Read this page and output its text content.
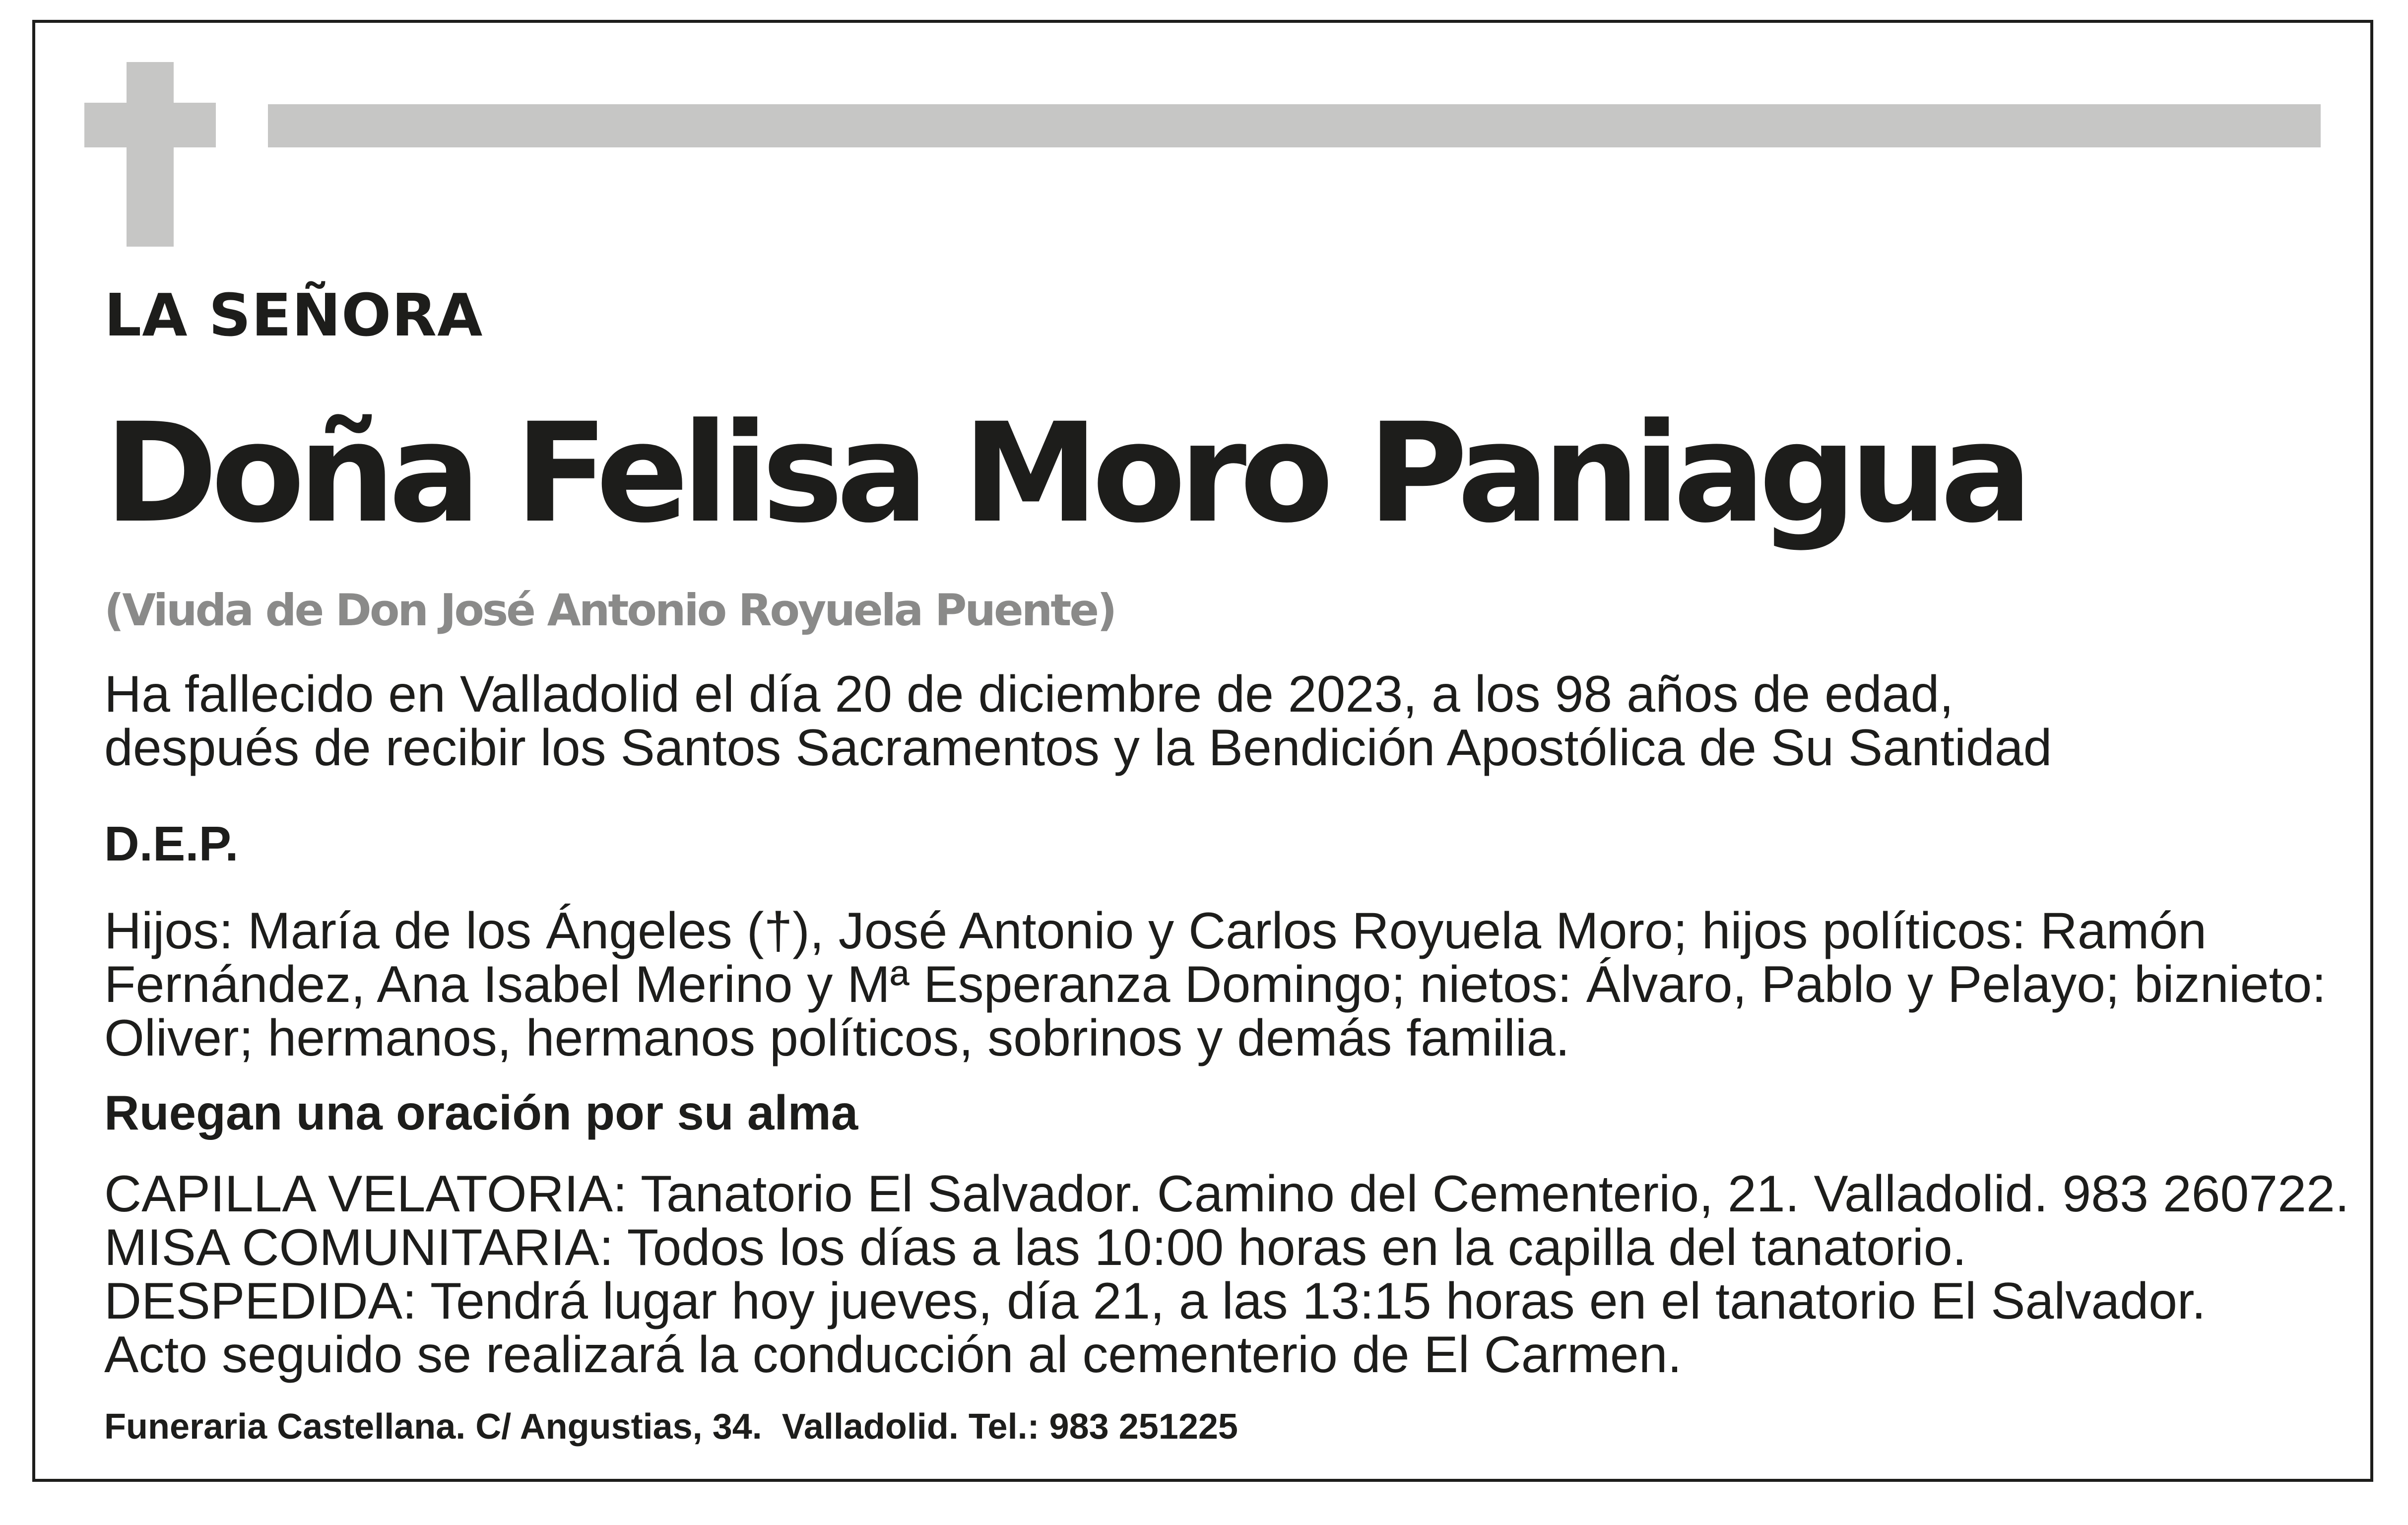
LA SEÑORA

Doña Felisa Moro Paniagua

(Viuda de Don José Antonio Royuela Puente)

Ha fallecido en Valladolid el día 20 de diciembre de 2023, a los 98 años de edad,
después de recibir los Santos Sacramentos y la Bendición Apostólica de Su Santidad

D.E.P.

Hijos: María de los Ángeles (†), José Antonio y Carlos Royuela Moro; hijos políticos: Ramón
Fernández, Ana Isabel Merino y Mª Esperanza Domingo; nietos: Álvaro, Pablo y Pelayo; biznieto:
Oliver; hermanos, hermanos políticos, sobrinos y demás familia.

Ruegan una oración por su alma

CAPILLA VELATORIA: Tanatorio El Salvador. Camino del Cementerio, 21. Valladolid. 983 260722.
MISA COMUNITARIA: Todos los días a las 10:00 horas en la capilla del tanatorio.
DESPEDIDA: Tendrá lugar hoy jueves, día 21, a las 13:15 horas en el tanatorio El Salvador.
Acto seguido se realizará la conducción al cementerio de El Carmen.

Funeraria Castellana. C/ Angustias, 34.  Valladolid. Tel.: 983 251225
